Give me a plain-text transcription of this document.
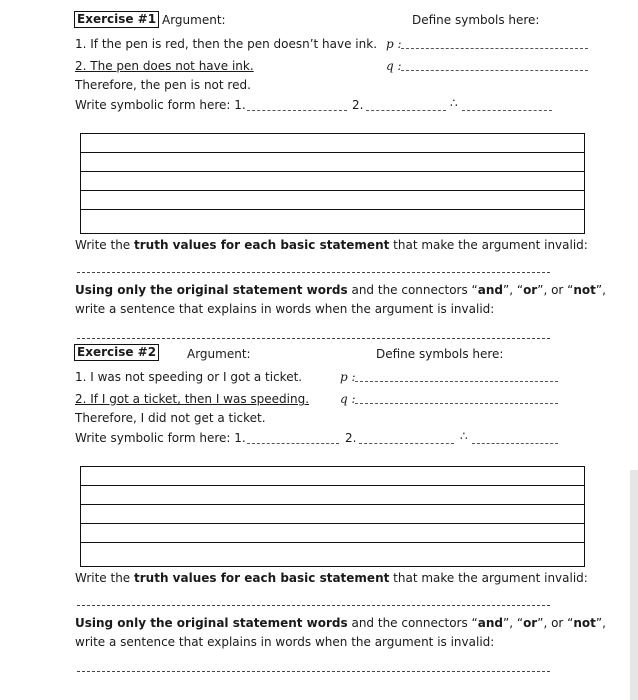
Exercise #1 Argument:	Define symbols here:
1. If the pen is red, then the pen doesn’t have ink. p :
2. The pen does not have ink.	q :
Therefore, the pen is not red.
Write symbolic form here: 1.	2.	∴
Write the truth values for each basic statement that make the argument invalid:
Using only the original statement words and the connectors “and”, “or”, or “not”,
write a sentence that explains in words when the argument is invalid:
Exercise #2	Argument:	Define symbols here:
1. I was not speeding or I got a ticket.	p :
2. If I got a ticket, then I was speeding.	q :
Therefore, I did not get a ticket.
Write symbolic form here: 1.	2.	∴
Write the truth values for each basic statement that make the argument invalid:
Using only the original statement words and the connectors “and”, “or”, or “not”,
write a sentence that explains in words when the argument is invalid:
